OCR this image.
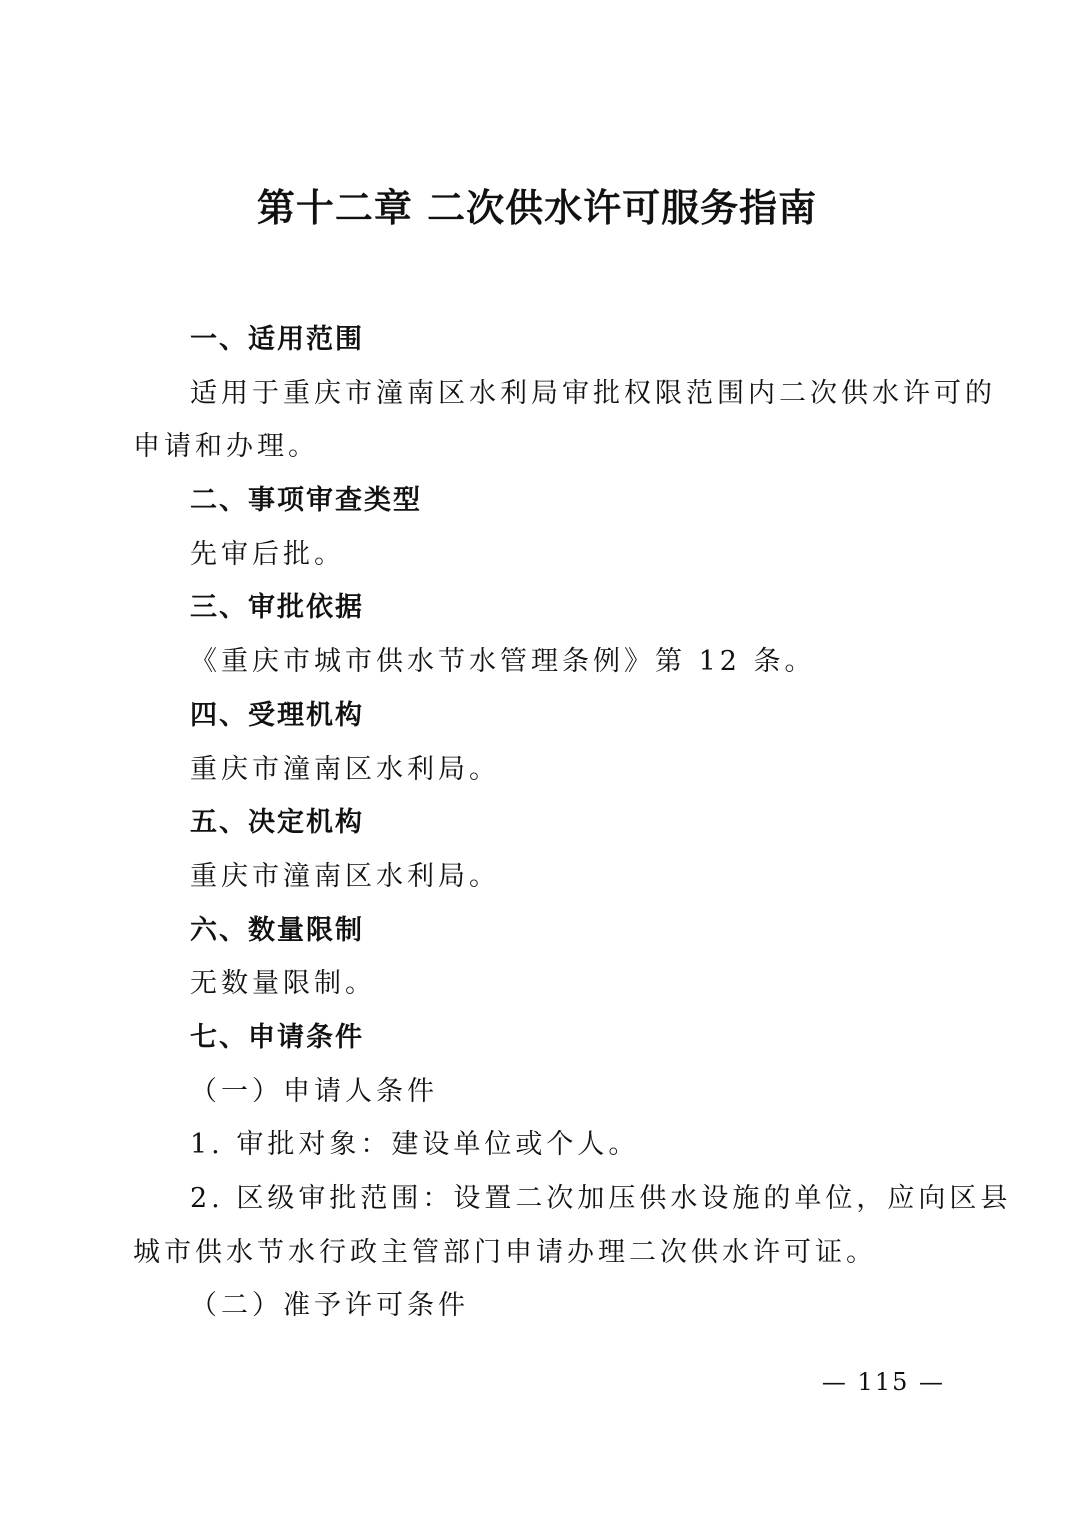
第十二章 二次供水许可服务指南

一、适用范围

适用于重庆市潼南区水利局审批权限范围内二次供水许可的

申请和办理。

二、事项审查类型

先审后批。

三、审批依据

《重庆市城市供水节水管理条例》第 12 条。

四、受理机构

重庆市潼南区水利局。

五、决定机构

重庆市潼南区水利局。

六、数量限制

无数量限制。

七、申请条件

（一）申请人条件

1. 审批对象：建设单位或个人。

2. 区级审批范围：设置二次加压供水设施的单位，应向区县

城市供水节水行政主管部门申请办理二次供水许可证。

（二）准予许可条件

— 115 —
